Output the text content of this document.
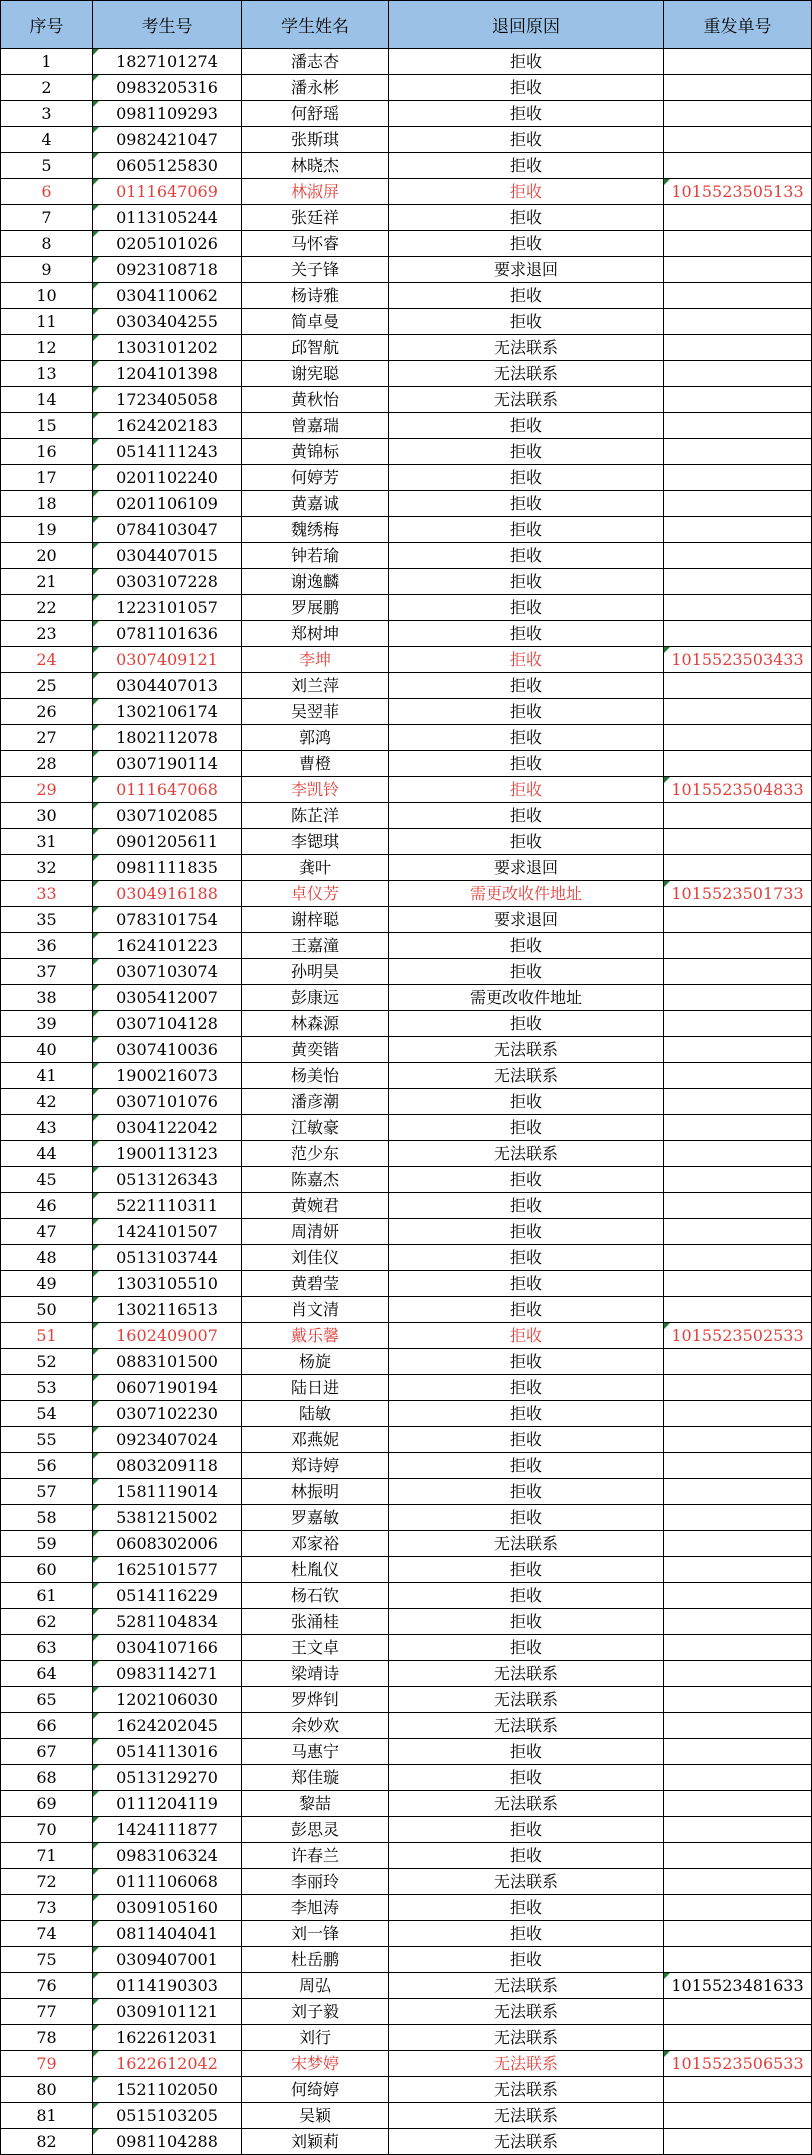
序号	考生号	学生姓名	退回原因	重发单号
1	1827101274	潘志杏	拒收	
2	0983205316	潘永彬	拒收	
3	0981109293	何舒瑶	拒收	
4	0982421047	张斯琪	拒收	
5	0605125830	林晓杰	拒收	
6	0111647069	林淑屏	拒收	1015523505133
7	0113105244	张廷祥	拒收	
8	0205101026	马怀睿	拒收	
9	0923108718	关子锋	要求退回	
10	0304110062	杨诗雅	拒收	
11	0303404255	简卓曼	拒收	
12	1303101202	邱智航	无法联系	
13	1204101398	谢宪聪	无法联系	
14	1723405058	黄秋怡	无法联系	
15	1624202183	曾嘉瑞	拒收	
16	0514111243	黄锦标	拒收	
17	0201102240	何婷芳	拒收	
18	0201106109	黄嘉诚	拒收	
19	0784103047	魏绣梅	拒收	
20	0304407015	钟若瑜	拒收	
21	0303107228	谢逸麟	拒收	
22	1223101057	罗展鹏	拒收	
23	0781101636	郑树坤	拒收	
24	0307409121	李坤	拒收	1015523503433
25	0304407013	刘兰萍	拒收	
26	1302106174	吴翌菲	拒收	
27	1802112078	郭鸿	拒收	
28	0307190114	曹橙	拒收	
29	0111647068	李凯铃	拒收	1015523504833
30	0307102085	陈芷洋	拒收	
31	0901205611	李锶琪	拒收	
32	0981111835	龚叶	要求退回	
33	0304916188	卓仪芳	需更改收件地址	1015523501733
35	0783101754	谢梓聪	要求退回	
36	1624101223	王嘉潼	拒收	
37	0307103074	孙明昊	拒收	
38	0305412007	彭康远	需更改收件地址	
39	0307104128	林森源	拒收	
40	0307410036	黄奕锴	无法联系	
41	1900216073	杨美怡	无法联系	
42	0307101076	潘彦潮	拒收	
43	0304122042	江敏豪	拒收	
44	1900113123	范少东	无法联系	
45	0513126343	陈嘉杰	拒收	
46	5221110311	黄婉君	拒收	
47	1424101507	周清妍	拒收	
48	0513103744	刘佳仪	拒收	
49	1303105510	黄碧莹	拒收	
50	1302116513	肖文清	拒收	
51	1602409007	戴乐馨	拒收	1015523502533
52	0883101500	杨旋	拒收	
53	0607190194	陆日进	拒收	
54	0307102230	陆敏	拒收	
55	0923407024	邓燕妮	拒收	
56	0803209118	郑诗婷	拒收	
57	1581119014	林振明	拒收	
58	5381215002	罗嘉敏	拒收	
59	0608302006	邓家裕	无法联系	
60	1625101577	杜胤仪	拒收	
61	0514116229	杨石钦	拒收	
62	5281104834	张涌桂	拒收	
63	0304107166	王文卓	拒收	
64	0983114271	梁靖诗	无法联系	
65	1202106030	罗烨钊	无法联系	
66	1624202045	余妙欢	无法联系	
67	0514113016	马惠宁	拒收	
68	0513129270	郑佳璇	拒收	
69	0111204119	黎喆	无法联系	
70	1424111877	彭思灵	拒收	
71	0983106324	许春兰	拒收	
72	0111106068	李丽玲	无法联系	
73	0309105160	李旭涛	拒收	
74	0811404041	刘一锋	拒收	
75	0309407001	杜岳鹏	拒收	
76	0114190303	周弘	无法联系	1015523481633
77	0309101121	刘子毅	无法联系	
78	1622612031	刘行	无法联系	
79	1622612042	宋梦婷	无法联系	1015523506533
80	1521102050	何绮婷	无法联系	
81	0515103205	吴颖	无法联系	
82	0981104288	刘颖莉	无法联系	
